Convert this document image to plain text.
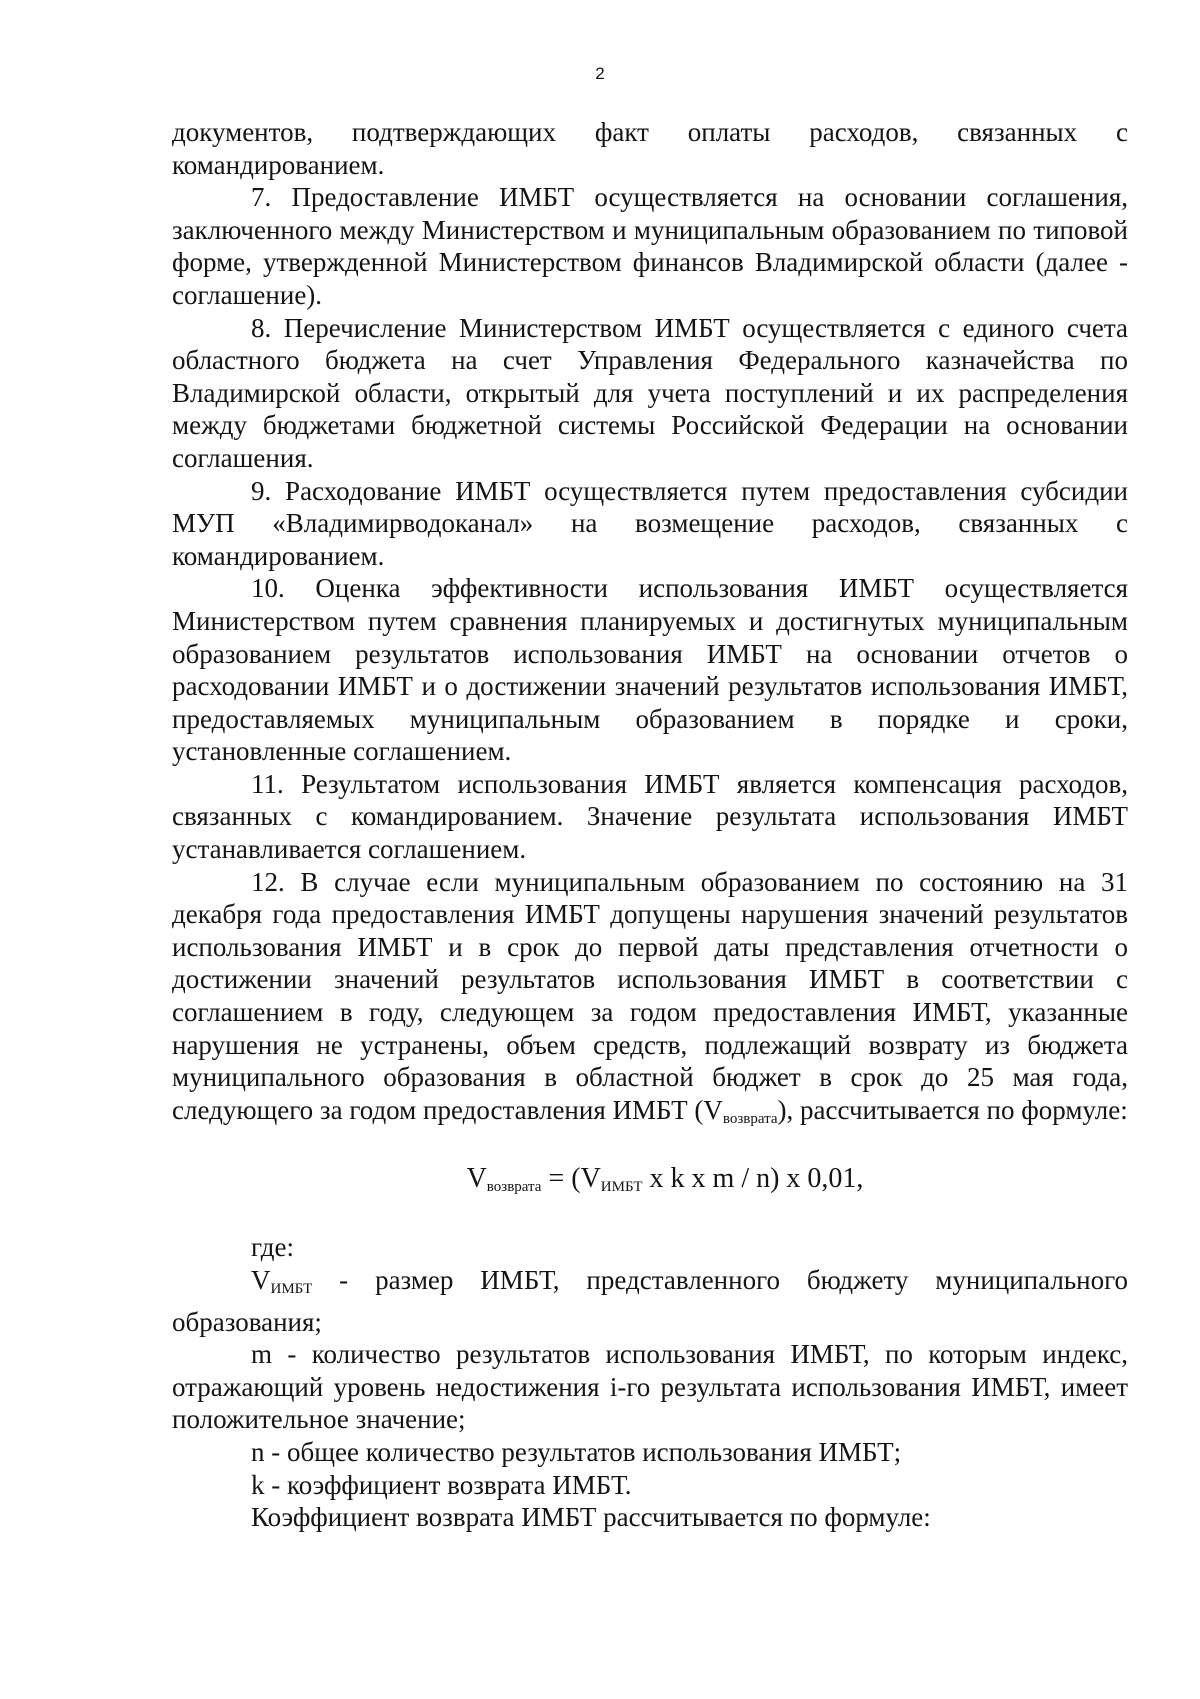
2

документов, подтверждающих факт оплаты расходов, связанных с командированием.

7. Предоставление ИМБТ осуществляется на основании соглашения, заключенного между Министерством и муниципальным образованием по типовой форме, утвержденной Министерством финансов Владимирской области (далее - соглашение).

8. Перечисление Министерством ИМБТ осуществляется с единого счета областного бюджета на счет Управления Федерального казначейства по Владимирской области, открытый для учета поступлений и их распределения между бюджетами бюджетной системы Российской Федерации на основании соглашения.

9. Расходование ИМБТ осуществляется путем предоставления субсидии МУП «Владимирводоканал» на возмещение расходов, связанных с командированием.

10. Оценка эффективности использования ИМБТ осуществляется Министерством путем сравнения планируемых и достигнутых муниципальным образованием результатов использования ИМБТ на основании отчетов о расходовании ИМБТ и о достижении значений результатов использования ИМБТ, предоставляемых муниципальным образованием в порядке и сроки, установленные соглашением.

11. Результатом использования ИМБТ является компенсация расходов, связанных с командированием. Значение результата использования ИМБТ устанавливается соглашением.

12. В случае если муниципальным образованием по состоянию на 31 декабря года предоставления ИМБТ допущены нарушения значений результатов использования ИМБТ и в срок до первой даты представления отчетности о достижении значений результатов использования ИМБТ в соответствии с соглашением в году, следующем за годом предоставления ИМБТ, указанные нарушения не устранены, объем средств, подлежащий возврату из бюджета муниципального образования в областной бюджет в срок до 25 мая года, следующего за годом предоставления ИМБТ $(V_{возврата})$, рассчитывается по формуле:

$V_{возврата} = (V_{ИМБТ}$ x k x m / n) x 0,01,

где:

$V_{ИМБТ}$ - размер ИМБТ, представленного бюджету муниципального образования;

m - количество результатов использования ИМБТ, по которым индекс, отражающий уровень недостижения i-го результата использования ИМБТ, имеет положительное значение;

n - общее количество результатов использования ИМБТ;

k - коэффициент возврата ИМБТ.

Коэффициент возврата ИМБТ рассчитывается по формуле:
